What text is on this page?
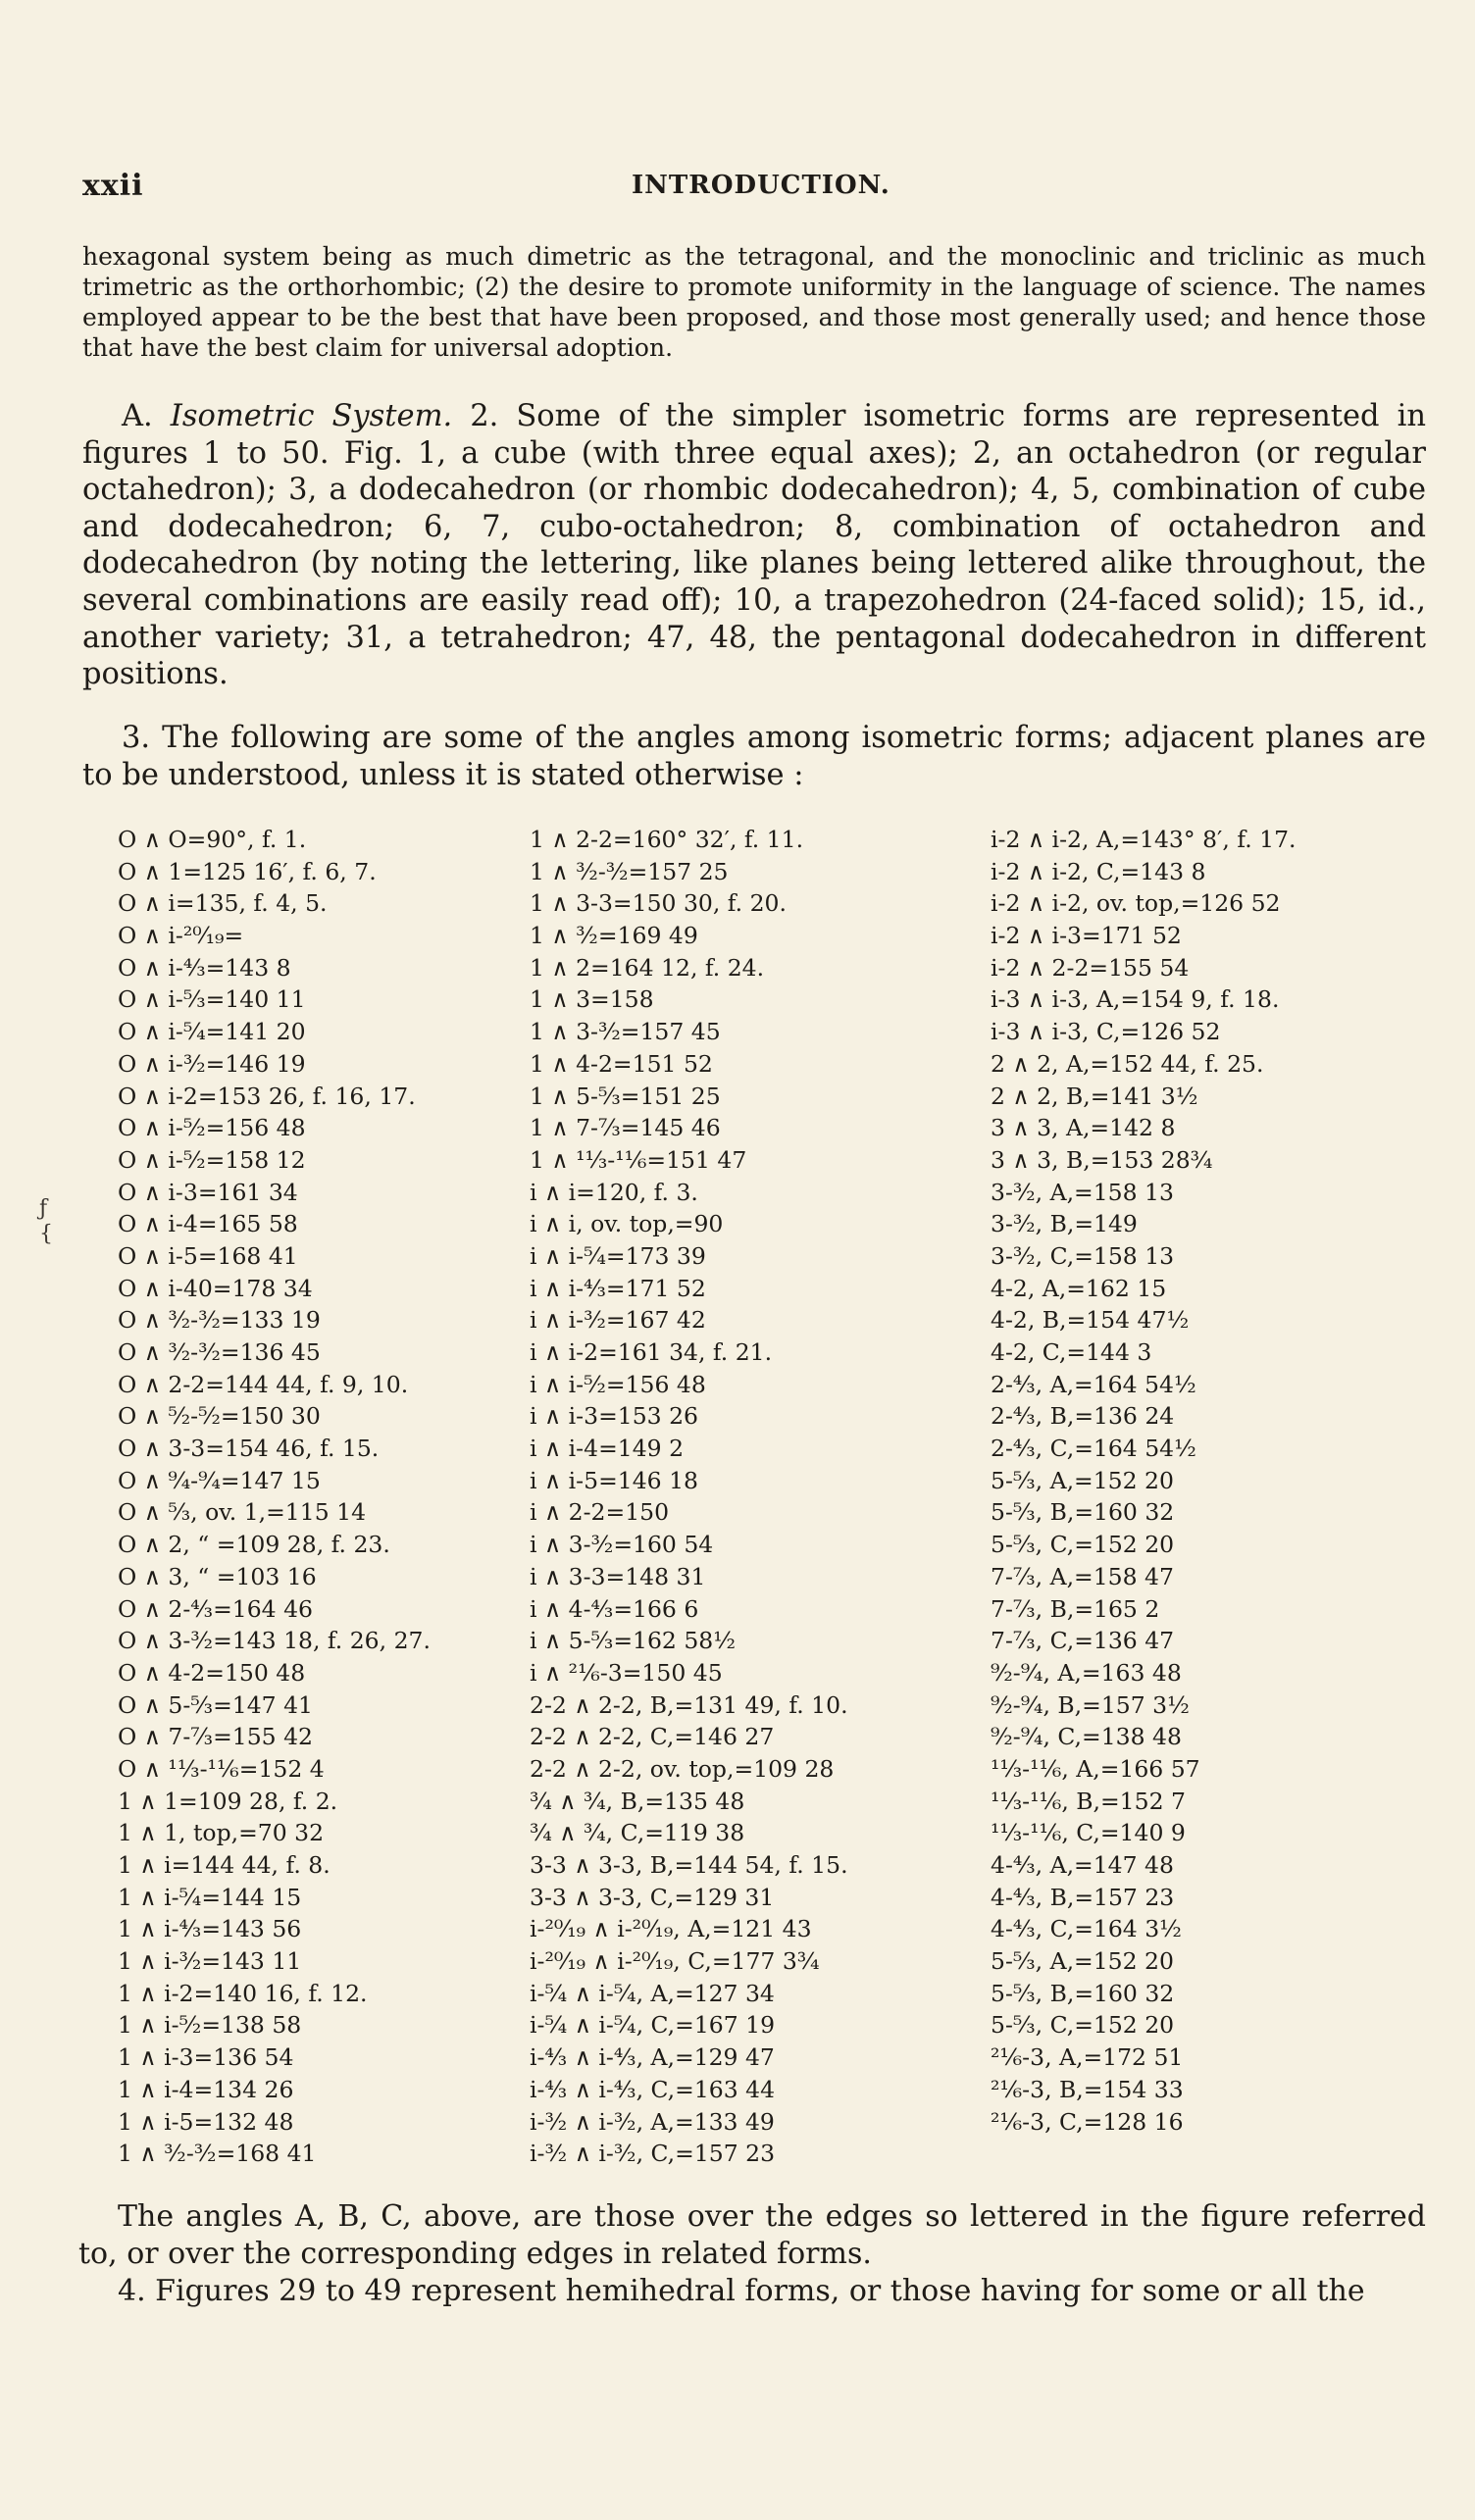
xxii	INTRODUCTION.

hexagonal system being as much dimetric as the tetragonal, and the monoclinic and triclinic as much trimetric as the orthorhombic; (2) the desire to promote uniformity in the language of science. The names employed appear to be the best that have been proposed, and those most generally used; and hence those that have the best claim for universal adoption.

A. Isometric System. 2. Some of the simpler isometric forms are represented in figures 1 to 50. Fig. 1, a cube (with three equal axes); 2, an octahedron (or regular octahedron); 3, a dodecahedron (or rhombic dodecahedron); 4, 5, combination of cube and dodecahedron; 6, 7, cubo-octahedron; 8, combination of octahedron and dodecahedron (by noting the lettering, like planes being lettered alike throughout, the several combinations are easily read off); 10, a trapezohedron (24-faced solid); 15, id., another variety; 31, a tetrahedron; 47, 48, the pentagonal dodecahedron in different positions.

3. The following are some of the angles among isometric forms; adjacent planes are to be understood, unless it is stated otherwise :

ƒ
{
O ∧ O=90°, f. 1.
O ∧ 1=125 16′, f. 6, 7.
O ∧ i=135, f. 4, 5.
O ∧ i-²⁰⁄₁₉=
O ∧ i-⁴⁄₃=143 8
O ∧ i-⁵⁄₃=140 11
O ∧ i-⁵⁄₄=141 20
O ∧ i-³⁄₂=146 19
O ∧ i-2=153 26, f. 16, 17.
O ∧ i-⁵⁄₂=156 48
O ∧ i-⁵⁄₂=158 12
O ∧ i-3=161 34
O ∧ i-4=165 58
O ∧ i-5=168 41
O ∧ i-40=178 34
O ∧ ³⁄₂-³⁄₂=133 19
O ∧ ³⁄₂-³⁄₂=136 45
O ∧ 2-2=144 44, f. 9, 10.
O ∧ ⁵⁄₂-⁵⁄₂=150 30
O ∧ 3-3=154 46, f. 15.
O ∧ ⁹⁄₄-⁹⁄₄=147 15
O ∧ ⁵⁄₃, ov. 1,=115 14
O ∧ 2, “ =109 28, f. 23.
O ∧ 3, “ =103 16
O ∧ 2-⁴⁄₃=164 46
O ∧ 3-³⁄₂=143 18, f. 26, 27.
O ∧ 4-2=150 48
O ∧ 5-⁵⁄₃=147 41
O ∧ 7-⁷⁄₃=155 42
O ∧ ¹¹⁄₃-¹¹⁄₆=152 4
1 ∧ 1=109 28, f. 2.
1 ∧ 1, top,=70 32
1 ∧ i=144 44, f. 8.
1 ∧ i-⁵⁄₄=144 15
1 ∧ i-⁴⁄₃=143 56
1 ∧ i-³⁄₂=143 11
1 ∧ i-2=140 16, f. 12.
1 ∧ i-⁵⁄₂=138 58
1 ∧ i-3=136 54
1 ∧ i-4=134 26
1 ∧ i-5=132 48
1 ∧ ³⁄₂-³⁄₂=168 41
1 ∧ 2-2=160° 32′, f. 11.
1 ∧ ³⁄₂-³⁄₂=157 25
1 ∧ 3-3=150 30, f. 20.
1 ∧ ³⁄₂=169 49
1 ∧ 2=164 12, f. 24.
1 ∧ 3=158
1 ∧ 3-³⁄₂=157 45
1 ∧ 4-2=151 52
1 ∧ 5-⁵⁄₃=151 25
1 ∧ 7-⁷⁄₃=145 46
1 ∧ ¹¹⁄₃-¹¹⁄₆=151 47
i ∧ i=120, f. 3.
i ∧ i, ov. top,=90
i ∧ i-⁵⁄₄=173 39
i ∧ i-⁴⁄₃=171 52
i ∧ i-³⁄₂=167 42
i ∧ i-2=161 34, f. 21.
i ∧ i-⁵⁄₂=156 48
i ∧ i-3=153 26
i ∧ i-4=149 2
i ∧ i-5=146 18
i ∧ 2-2=150
i ∧ 3-³⁄₂=160 54
i ∧ 3-3=148 31
i ∧ 4-⁴⁄₃=166 6
i ∧ 5-⁵⁄₃=162 58½
i ∧ ²¹⁄₆-3=150 45
2-2 ∧ 2-2, B,=131 49, f. 10.
2-2 ∧ 2-2, C,=146 27
2-2 ∧ 2-2, ov. top,=109 28
³⁄₄ ∧ ³⁄₄, B,=135 48
³⁄₄ ∧ ³⁄₄, C,=119 38
3-3 ∧ 3-3, B,=144 54, f. 15.
3-3 ∧ 3-3, C,=129 31
i-²⁰⁄₁₉ ∧ i-²⁰⁄₁₉, A,=121 43
i-²⁰⁄₁₉ ∧ i-²⁰⁄₁₉, C,=177 3¾
i-⁵⁄₄ ∧ i-⁵⁄₄, A,=127 34
i-⁵⁄₄ ∧ i-⁵⁄₄, C,=167 19
i-⁴⁄₃ ∧ i-⁴⁄₃, A,=129 47
i-⁴⁄₃ ∧ i-⁴⁄₃, C,=163 44
i-³⁄₂ ∧ i-³⁄₂, A,=133 49
i-³⁄₂ ∧ i-³⁄₂, C,=157 23
i-2 ∧ i-2, A,=143° 8′, f. 17.
i-2 ∧ i-2, C,=143 8
i-2 ∧ i-2, ov. top,=126 52
i-2 ∧ i-3=171 52
i-2 ∧ 2-2=155 54
i-3 ∧ i-3, A,=154 9, f. 18.
i-3 ∧ i-3, C,=126 52
2 ∧ 2, A,=152 44, f. 25.
2 ∧ 2, B,=141 3½
3 ∧ 3, A,=142 8
3 ∧ 3, B,=153 28¾
3-³⁄₂, A,=158 13
3-³⁄₂, B,=149
3-³⁄₂, C,=158 13
4-2, A,=162 15
4-2, B,=154 47½
4-2, C,=144 3
2-⁴⁄₃, A,=164 54½
2-⁴⁄₃, B,=136 24
2-⁴⁄₃, C,=164 54½
5-⁵⁄₃, A,=152 20
5-⁵⁄₃, B,=160 32
5-⁵⁄₃, C,=152 20
7-⁷⁄₃, A,=158 47
7-⁷⁄₃, B,=165 2
7-⁷⁄₃, C,=136 47
⁹⁄₂-⁹⁄₄, A,=163 48
⁹⁄₂-⁹⁄₄, B,=157 3½
⁹⁄₂-⁹⁄₄, C,=138 48
¹¹⁄₃-¹¹⁄₆, A,=166 57
¹¹⁄₃-¹¹⁄₆, B,=152 7
¹¹⁄₃-¹¹⁄₆, C,=140 9
4-⁴⁄₃, A,=147 48
4-⁴⁄₃, B,=157 23
4-⁴⁄₃, C,=164 3½
5-⁵⁄₃, A,=152 20
5-⁵⁄₃, B,=160 32
5-⁵⁄₃, C,=152 20
²¹⁄₆-3, A,=172 51
²¹⁄₆-3, B,=154 33
²¹⁄₆-3, C,=128 16

The angles A, B, C, above, are those over the edges so lettered in the figure referred to, or over the corresponding edges in related forms.

4. Figures 29 to 49 represent hemihedral forms, or those having for some or all the
